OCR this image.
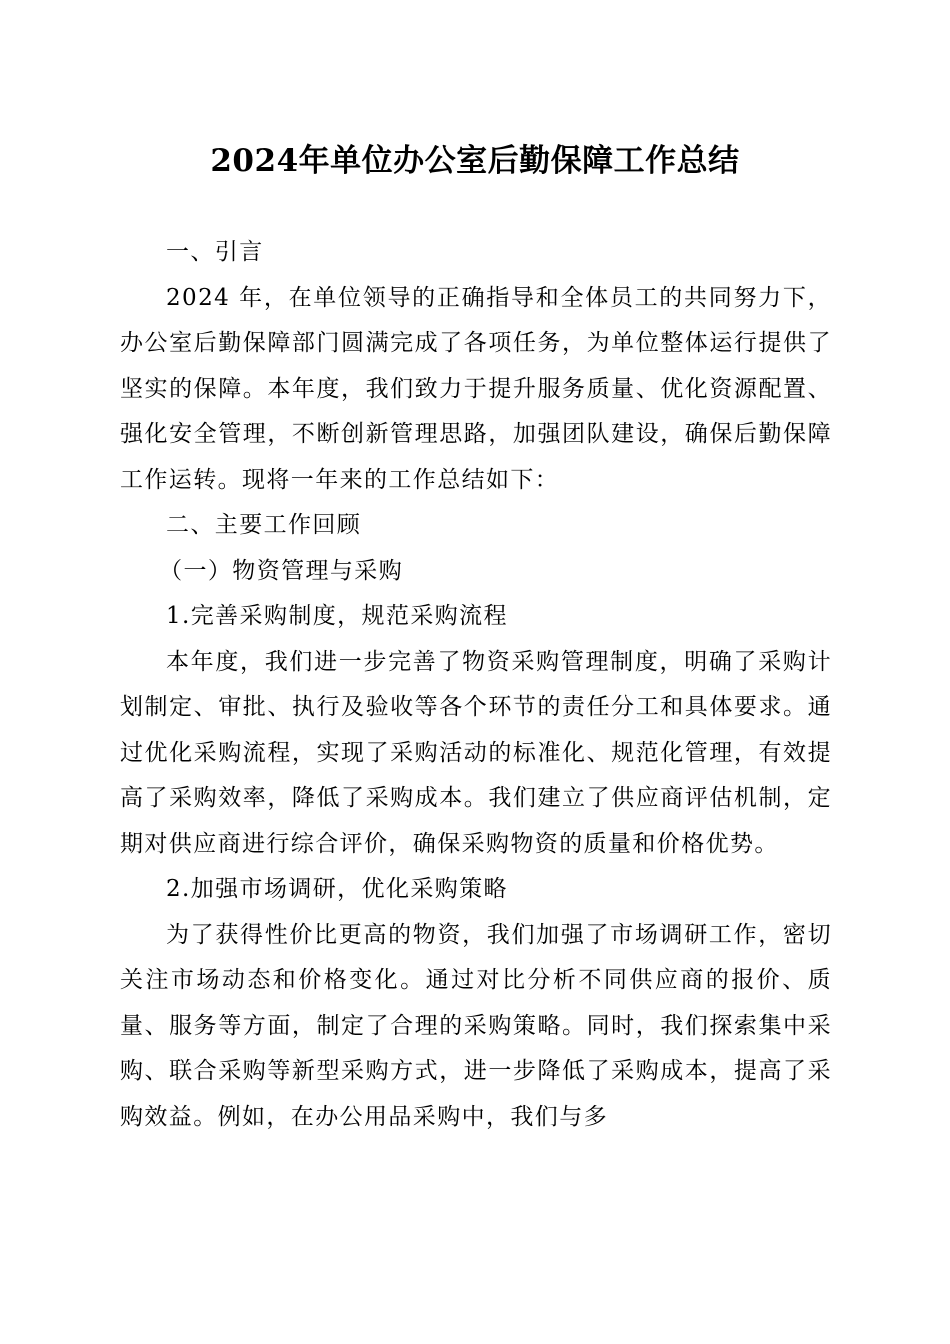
2024年单位办公室后勤保障工作总结

一、引言

2024 年，在单位领导的正确指导和全体员工的共同努力下，办公室后勤保障部门圆满完成了各项任务，为单位整体运行提供了坚实的保障。本年度，我们致力于提升服务质量、优化资源配置、强化安全管理，不断创新管理思路，加强团队建设，确保后勤保障工作运转。现将一年来的工作总结如下：

二、主要工作回顾

（一）物资管理与采购

1.完善采购制度，规范采购流程

本年度，我们进一步完善了物资采购管理制度，明确了采购计划制定、审批、执行及验收等各个环节的责任分工和具体要求。通过优化采购流程，实现了采购活动的标准化、规范化管理，有效提高了采购效率，降低了采购成本。我们建立了供应商评估机制，定期对供应商进行综合评价，确保采购物资的质量和价格优势。

2.加强市场调研，优化采购策略

为了获得性价比更高的物资，我们加强了市场调研工作，密切关注市场动态和价格变化。通过对比分析不同供应商的报价、质量、服务等方面，制定了合理的采购策略。同时，我们探索集中采购、联合采购等新型采购方式，进一步降低了采购成本，提高了采购效益。例如，在办公用品采购中，我们与多
